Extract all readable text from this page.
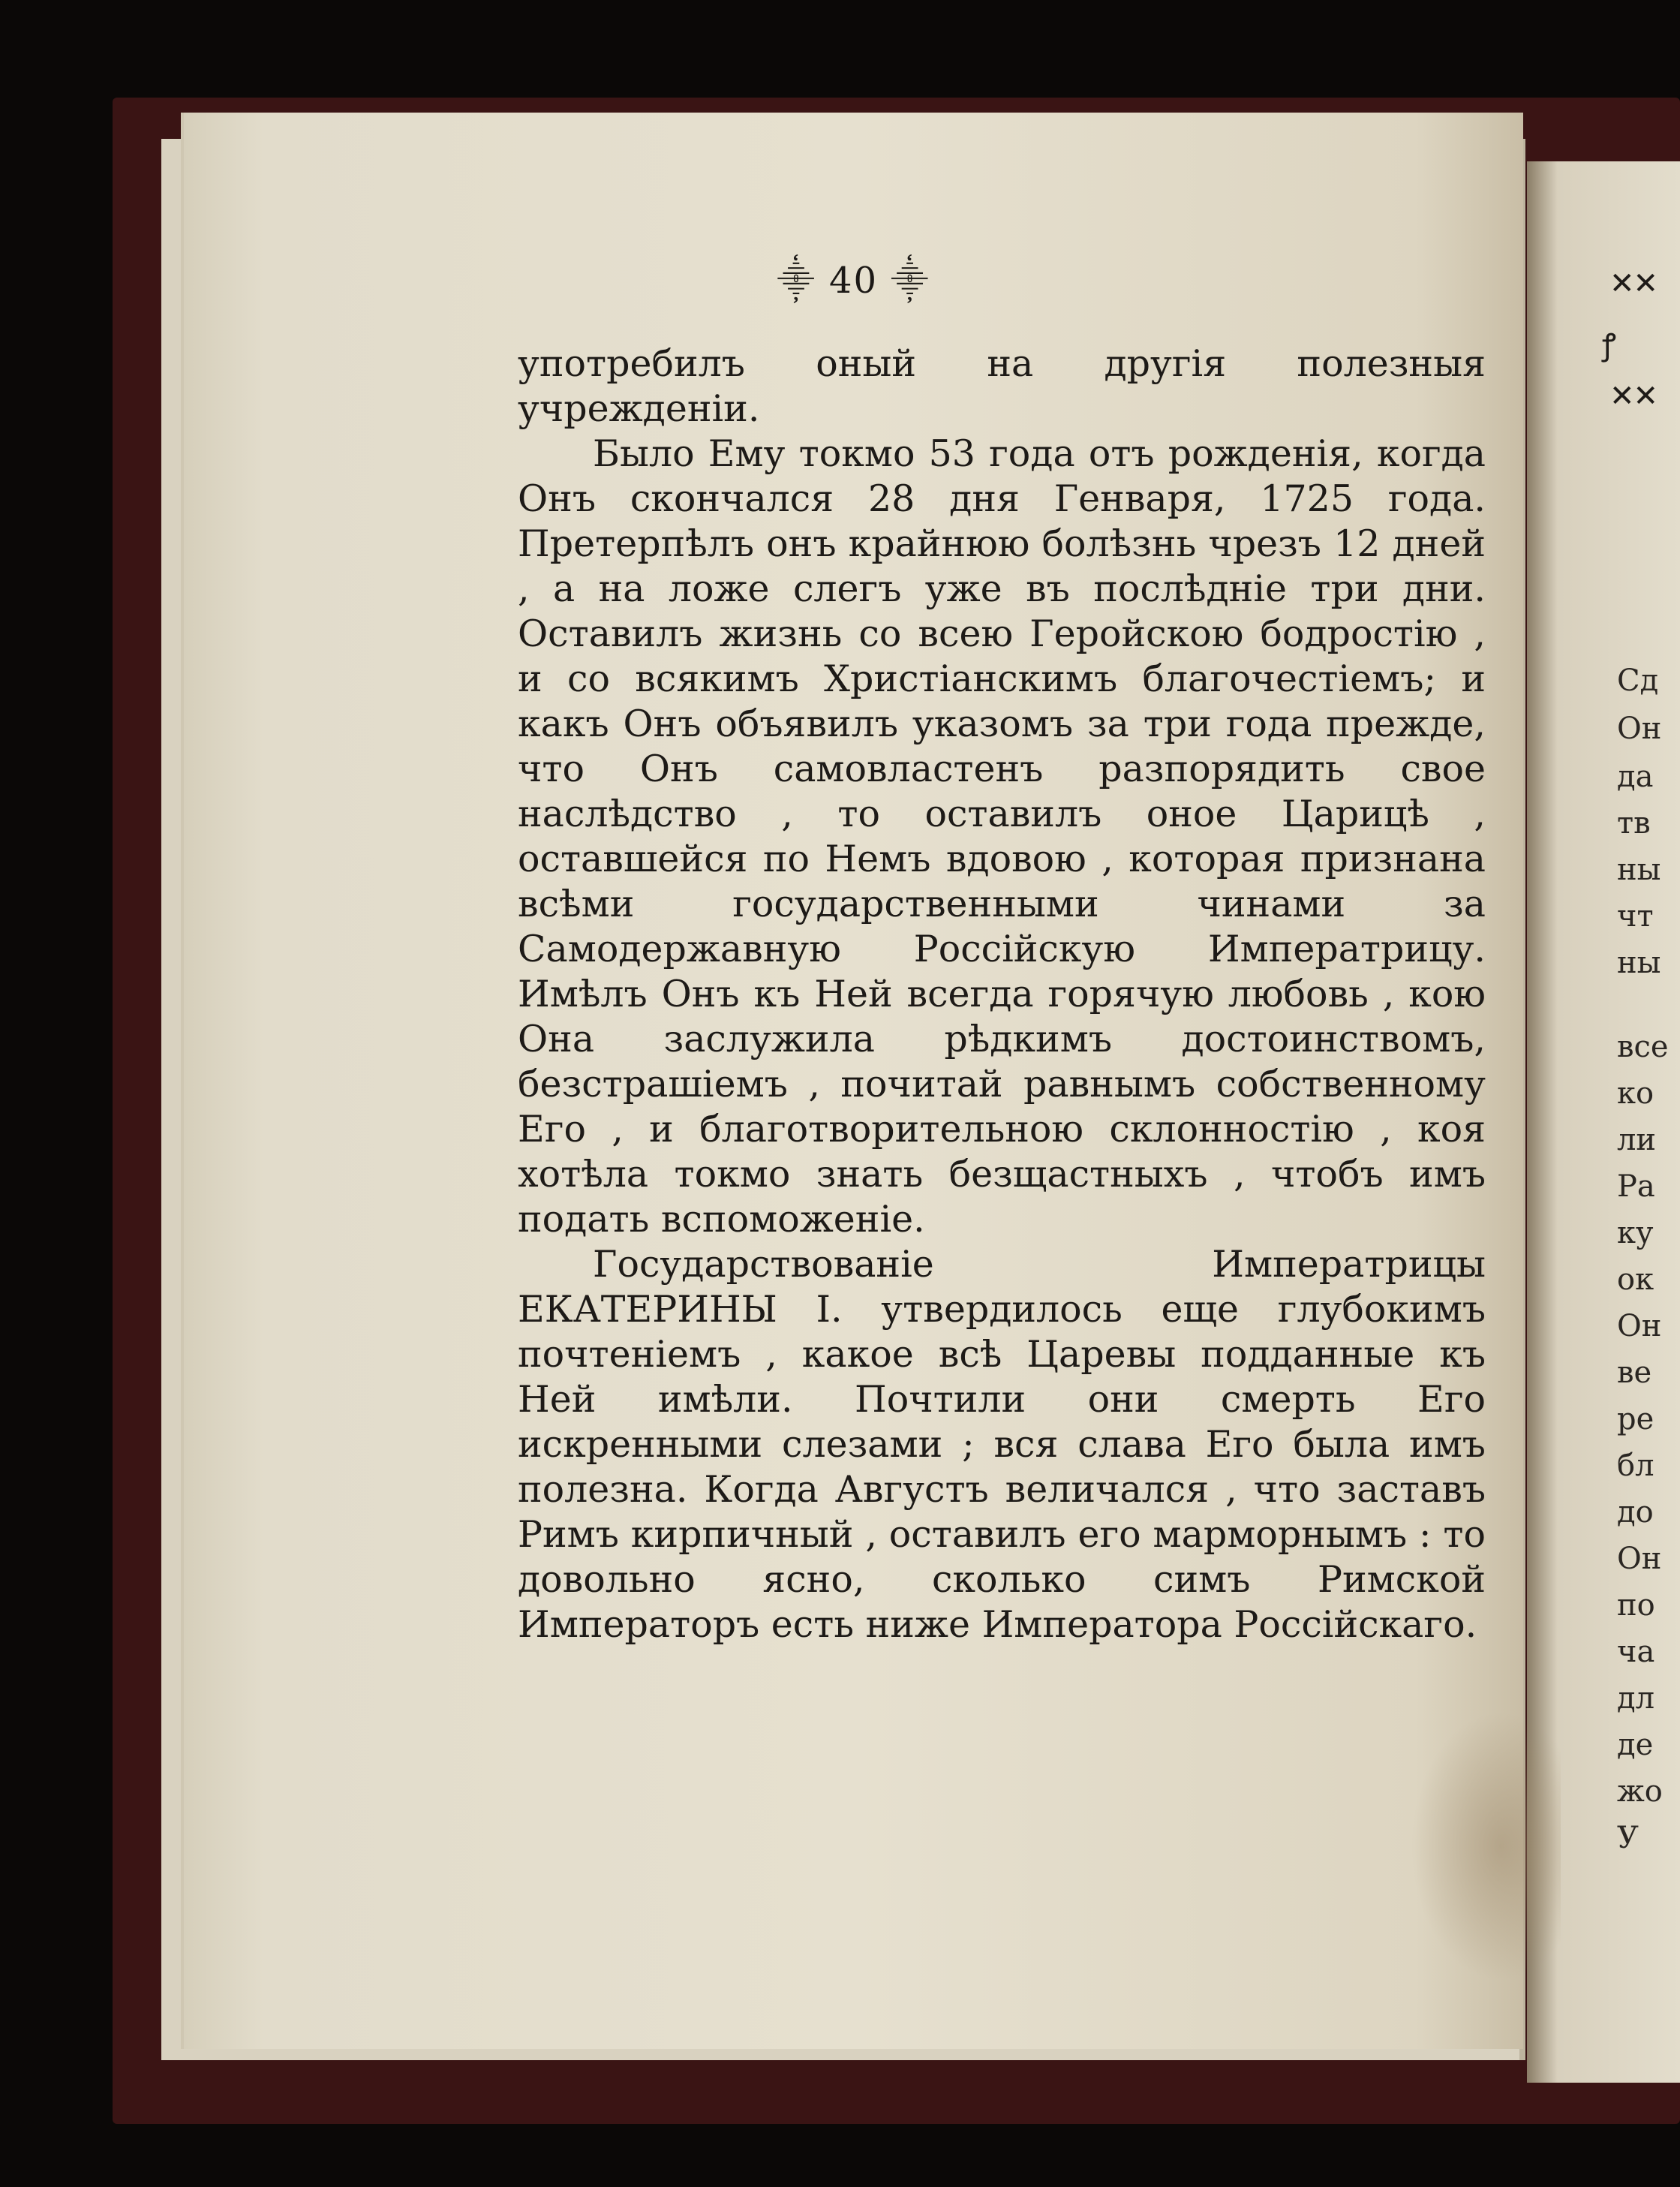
⸎ 40 ⸎

употребилъ оный на другія полезныя учрежденіи.

Было Ему токмо 53 года отъ рожденія, когда Онъ скончался 28 дня Генваря, 1725 года. Претерпѣлъ онъ крайнюю болѣзнь чрезъ 12 дней , а на ложе слегъ уже въ послѣдніе три дни. Оставилъ жизнь со всею Геройскою бодростію , и со всякимъ Христіанскимъ благочестіемъ; и какъ Онъ объявилъ указомъ за три года прежде, что Онъ самовластенъ разпорядить свое наслѣдство , то оставилъ оное Царицѣ , оставшейся по Немъ вдовою , которая признана всѣми государственными чинами за Самодержавную Россійскую Императрицу. Имѣлъ Онъ къ Ней всегда горячую любовь , кою Она заслужила рѣдкимъ достоинствомъ, безстрашіемъ , почитай равнымъ собственному Его , и благотворительною склонностію , коя хотѣла токмо знать безщастныхъ , чтобъ имъ подать вспоможеніе.

Государствованіе Императрицы ЕКАТЕРИНЫ I. утвердилось еще глубокимъ почтеніемъ , какое всѣ Царевы подданные къ Ней имѣли. Почтили они смерть Его искренными слезами ; вся слава Его была имъ полезна. Когда Августъ величался , что заставъ Римъ кирпичный , оставилъ его марморнымъ : то довольно ясно, сколько симъ Римской Императоръ есть ниже Императора Россійскаго.

✕✕
ꝭ
✕✕
Сд
Он
да
тв
ны
чт
ны
все
ко
ли
Ра
ку
ок
Он
ве
ре
бл
до
Он
по
ча
дл
де
жо
У
